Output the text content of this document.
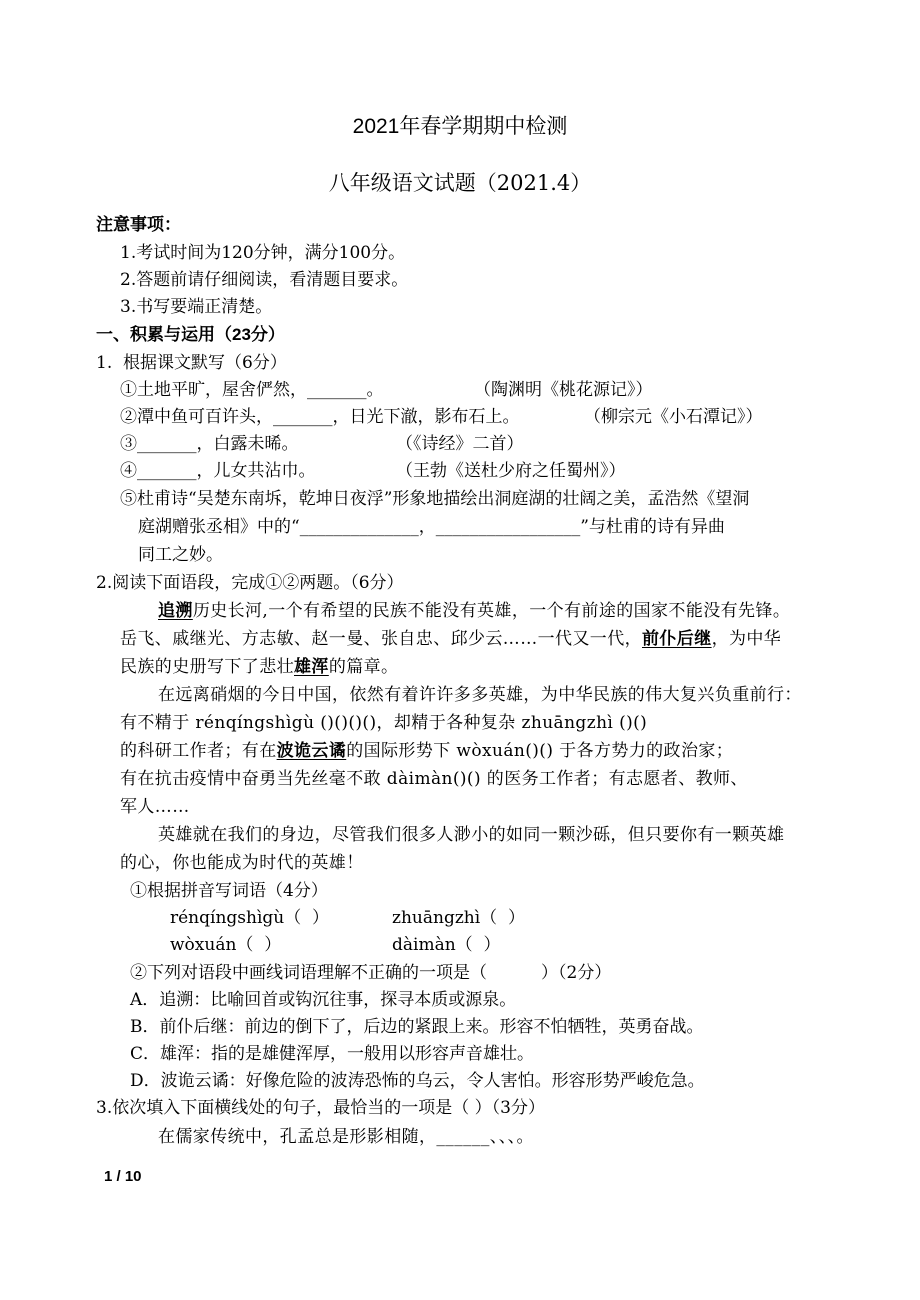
2021年春学期期中检测
八年级语文试题（2021.4）
注意事项：
1.考试时间为120分钟，满分100分。
2.答题前请仔细阅读，看清题目要求。
3.书写要端正清楚。
一、积累与运用（23分）
1.  根据课文默写（6分）
①土地平旷，屋舍俨然，_______。	（陶渊明《桃花源记》）
②潭中鱼可百许头，_______，日光下澈，影布石上。	（柳宗元《小石潭记》）
③_______，白露未晞。	（《诗经》二首）
④_______，儿女共沾巾。	（王勃《送杜少府之任蜀州》）
⑤杜甫诗“吴楚东南坼，乾坤日夜浮”形象地描绘出洞庭湖的壮阔之美，孟浩然《望洞
庭湖赠张丞相》中的“______________，_________________”与杜甫的诗有异曲
同工之妙。
2.阅读下面语段，完成①②两题。（6分）
追溯历史长河,一个有希望的民族不能没有英雄，一个有前途的国家不能没有先锋。
岳飞、戚继光、方志敏、赵一曼、张自忠、邱少云……一代又一代，前仆后继，为中华
民族的史册写下了悲壮雄浑的篇章。
在远离硝烟的今日中国，依然有着许许多多英雄，为中华民族的伟大复兴负重前行：
有不精于 rénqíngshìgù ()()()()，却精于各种复杂 zhuāngzhì ()()
的科研工作者；有在波诡云谲的国际形势下 wòxuán()() 于各方势力的政治家；
有在抗击疫情中奋勇当先丝毫不敢 dàimàn()() 的医务工作者；有志愿者、教师、
军人……
英雄就在我们的身边，尽管我们很多人渺小的如同一颗沙砾，但只要你有一颗英雄
的心，你也能成为时代的英雄！
①根据拼音写词语（4分）
rénqíngshìgù（  ）	zhuāngzhì（  ）
wòxuán（  ）	dàimàn（  ）
②下列对语段中画线词语理解不正确的一项是（          ）（2分）
A．追溯：比喻回首或钩沉往事，探寻本质或源泉。
B．前仆后继：前边的倒下了，后边的紧跟上来。形容不怕牺牲，英勇奋战。
C．雄浑：指的是雄健浑厚，一般用以形容声音雄壮。
D．波诡云谲：好像危险的波涛恐怖的乌云，令人害怕。形容形势严峻危急。
3.依次填入下面横线处的句子，最恰当的一项是（ ）（3分）
在儒家传统中，孔孟总是形影相随，______、、、。
1 / 10
